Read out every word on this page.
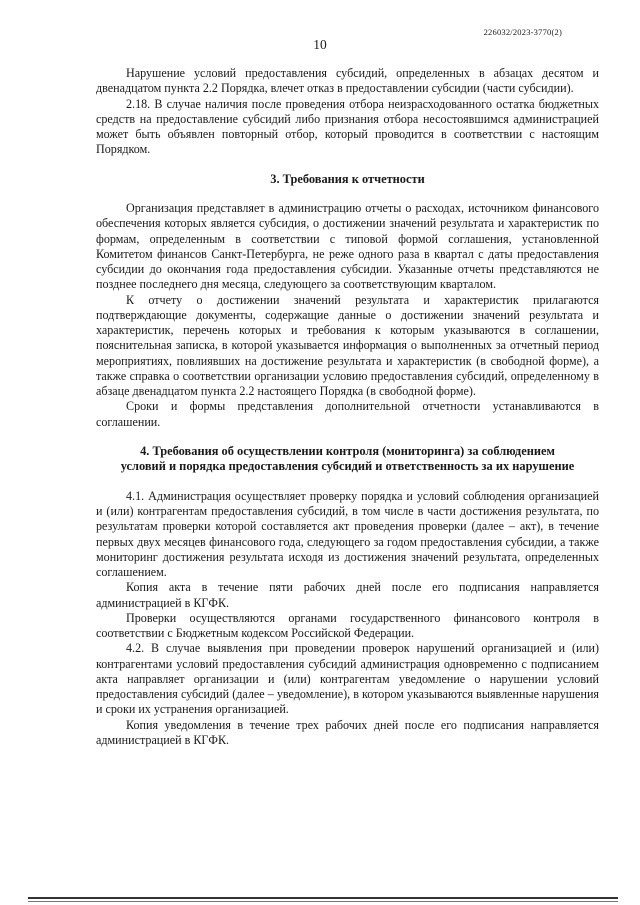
226032/2023-3770(2)
10

Нарушение условий предоставления субсидий, определенных в абзацах десятом и двенадцатом пункта 2.2 Порядка, влечет отказ в предоставлении субсидии (части субсидии).

2.18. В случае наличия после проведения отбора неизрасходованного остатка бюджетных средств на предоставление субсидий либо признания отбора несостоявшимся администрацией может быть объявлен повторный отбор, который проводится в соответствии с настоящим Порядком.

3. Требования к отчетности

Организация представляет в администрацию отчеты о расходах, источником финансового обеспечения которых является субсидия, о достижении значений результата и характеристик по формам, определенным в соответствии с типовой формой соглашения, установленной Комитетом финансов Санкт-Петербурга, не реже одного раза в квартал с даты предоставления субсидии до окончания года предоставления субсидии. Указанные отчеты представляются не позднее последнего дня месяца, следующего за соответствующим кварталом.

К отчету о достижении значений результата и характеристик прилагаются подтверждающие документы, содержащие данные о достижении значений результата и характеристик, перечень которых и требования к которым указываются в соглашении, пояснительная записка, в которой указывается информация о выполненных за отчетный период мероприятиях, повлиявших на достижение результата и характеристик (в свободной форме), а также справка о соответствии организации условию предоставления субсидий, определенному в абзаце двенадцатом пункта 2.2 настоящего Порядка (в свободной форме).

Сроки и формы представления дополнительной отчетности устанавливаются в соглашении.

4. Требования об осуществлении контроля (мониторинга) за соблюдением
условий и порядка предоставления субсидий и ответственность за их нарушение

4.1. Администрация осуществляет проверку порядка и условий соблюдения организацией и (или) контрагентам предоставления субсидий, в том числе в части достижения результата, по результатам проверки которой составляется акт проведения проверки (далее – акт), в течение первых двух месяцев финансового года, следующего за годом предоставления субсидии, а также мониторинг достижения результата исходя из достижения значений результата, определенных соглашением.

Копия акта в течение пяти рабочих дней после его подписания направляется администрацией в КГФК.

Проверки осуществляются органами государственного финансового контроля в соответствии с Бюджетным кодексом Российской Федерации.

4.2. В случае выявления при проведении проверок нарушений организацией и (или) контрагентами условий предоставления субсидий администрация одновременно с подписанием акта направляет организации и (или) контрагентам уведомление о нарушении условий предоставления субсидий (далее – уведомление), в котором указываются выявленные нарушения и сроки их устранения организацией.

Копия уведомления в течение трех рабочих дней после его подписания направляется администрацией в КГФК.
